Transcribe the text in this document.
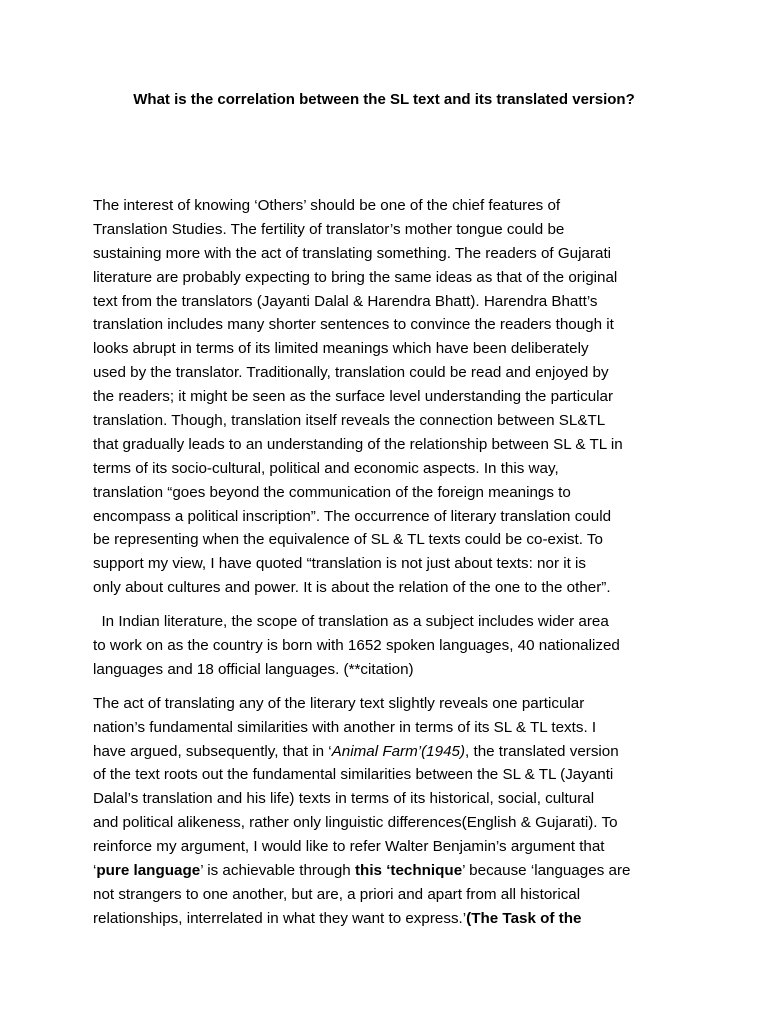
What is the correlation between the SL text and its translated version?
The interest of knowing ‘Others’ should be one of the chief features of
Translation Studies. The fertility of translator’s mother tongue could be
sustaining more with the act of translating something. The readers of Gujarati
literature are probably expecting to bring the same ideas as that of the original
text from the translators (Jayanti Dalal & Harendra Bhatt). Harendra Bhatt’s
translation includes many shorter sentences to convince the readers though it
looks abrupt in terms of its limited meanings which have been deliberately
used by the translator. Traditionally, translation could be read and enjoyed by
the readers; it might be seen as the surface level understanding the particular
translation. Though, translation itself reveals the connection between SL&TL
that gradually leads to an understanding of the relationship between SL & TL in
terms of its socio-cultural, political and economic aspects. In this way,
translation “goes beyond the communication of the foreign meanings to
encompass a political inscription”. The occurrence of literary translation could
be representing when the equivalence of SL & TL texts could be co-exist. To
support my view, I have quoted “translation is not just about texts: nor it is
only about cultures and power. It is about the relation of the one to the other”.
In Indian literature, the scope of translation as a subject includes wider area
to work on as the country is born with 1652 spoken languages, 40 nationalized
languages and 18 official languages. (**citation)
The act of translating any of the literary text slightly reveals one particular
nation’s fundamental similarities with another in terms of its SL & TL texts. I
have argued, subsequently, that in ‘Animal Farm’(1945), the translated version
of the text roots out the fundamental similarities between the SL & TL (Jayanti
Dalal’s translation and his life) texts in terms of its historical, social, cultural
and political alikeness, rather only linguistic differences(English & Gujarati). To
reinforce my argument, I would like to refer Walter Benjamin’s argument that
‘pure language’ is achievable through this ‘technique’ because ‘languages are
not strangers to one another, but are, a priori and apart from all historical
relationships, interrelated in what they want to express.’(The Task of the
